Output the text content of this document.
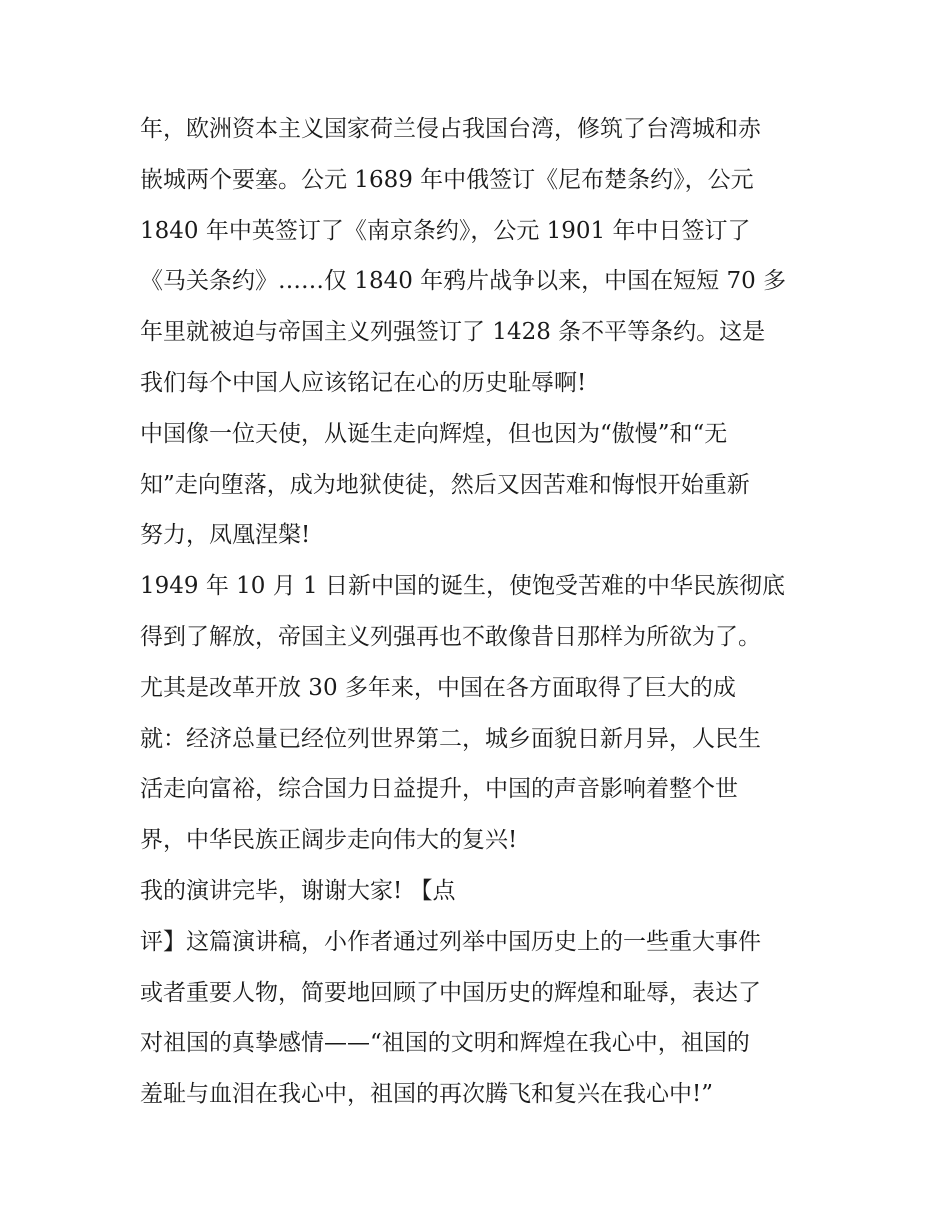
年，欧洲资本主义国家荷兰侵占我国台湾，修筑了台湾城和赤
嵌城两个要塞。公元 1689 年中俄签订《尼布楚条约》，公元
1840 年中英签订了《南京条约》，公元 1901 年中日签订了
《马关条约》……仅 1840 年鸦片战争以来，中国在短短 70 多
年里就被迫与帝国主义列强签订了 1428 条不平等条约。这是
我们每个中国人应该铭记在心的历史耻辱啊!
中国像一位天使，从诞生走向辉煌，但也因为“傲慢”和“无
知”走向堕落，成为地狱使徒，然后又因苦难和悔恨开始重新
努力，凤凰涅槃!
1949 年 10 月 1 日新中国的诞生，使饱受苦难的中华民族彻底
得到了解放，帝国主义列强再也不敢像昔日那样为所欲为了。
尤其是改革开放 30 多年来，中国在各方面取得了巨大的成
就：经济总量已经位列世界第二，城乡面貌日新月异，人民生
活走向富裕，综合国力日益提升，中国的声音影响着整个世
界，中华民族正阔步走向伟大的复兴!
我的演讲完毕，谢谢大家! 【点
评】这篇演讲稿，小作者通过列举中国历史上的一些重大事件
或者重要人物，简要地回顾了中国历史的辉煌和耻辱，表达了
对祖国的真挚感情——“祖国的文明和辉煌在我心中，祖国的
羞耻与血泪在我心中，祖国的再次腾飞和复兴在我心中!”
